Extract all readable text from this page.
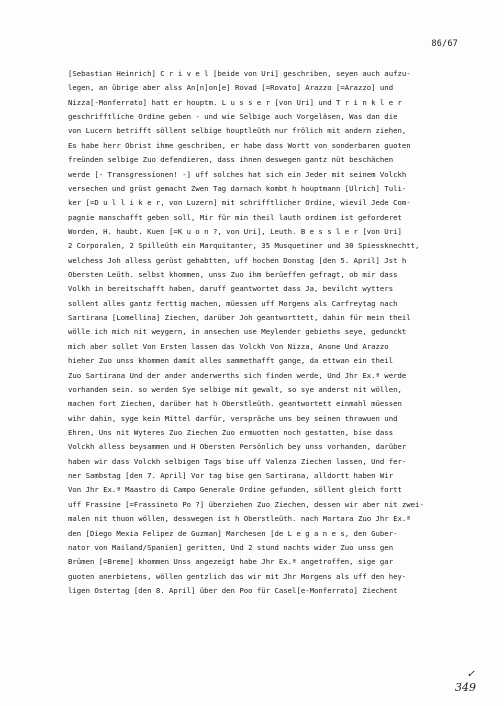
86/67
[Sebastian Heinrich] C r i v e l [beide von Uri] geschriben, seyen auch aufzu-
legen, an übrige aber alss An[n]on[e] Rovad [=Rovato] Arazzo [=Arazzo] und
Nizza[-Monferrato] hatt er houptm. L u s s e r [von Uri] und T r i n k l e r
geschrifftliche Ordine geben - und wie Selbige auch Vorgeläsen, Was dan die
von Lucern betrifft söllent selbige houptleüth nur frölich mit andern ziehen,
Es habe herr Obrist ihme geschriben, er habe dass Wortt von sonderbaren guoten
freünden selbige Zuo defendieren, dass ihnen deswegen gantz nüt beschächen
werde [- Transgressionen! -] uff solches hat sich ein Jeder mit seinem Volckh
versechen und grüst gemacht Zwen Tag darnach kombt h houptmann [Ulrich] Tuli-
ker [=D u l l i k e r, von Luzern] mit schrifftlicher Ordine, wievil Jede Com-
pagnie manschafft geben soll, Mir für min theil lauth ordinem ist geforderet
Worden, H. haubt. Kuen [=K u o n ?, von Uri], Leuth. B e s s l e r [von Uri]
2 Corporalen, 2 Spilleüth ein Marquitanter, 35 Musquetiner und 30 Spiessknechtt,
welchess Joh alless gerüst gehabtten, uff hochen Donstag [den 5. April] Jst h
Obersten Leüth. selbst khommen, unss Zuo ihm berüeffen gefragt, ob mir dass
Volkh in bereitschafft haben, daruff geantwortet dass Ja, bevilcht wytters
sollent alles gantz ferttig machen, müessen uff Morgens als Carfreytag nach
Sartirana [Lomellina] Ziechen, darüber Joh geantworttett, dahin für mein theil
wölle ich mich nit weygern, in ansechen use Meylender gebieths seye, gedunckt
mich aber sollet Von Ersten lassen das Volckh Von Nizza, Anone Und Arazzo
hieher Zuo unss khommen damit alles sammethafft gange, da ettwan ein theil
Zuo Sartirana Und der ander anderwerths sich finden werde, Und Jhr Ex.ª werde
vorhanden sein. so werden Sye selbige mit gewalt, so sye anderst nit wöllen,
machen fort Ziechen, darüber hat h Oberstleüth. geantwortett einmahl müessen
wihr dahin, syge kein Mittel darfür, verspräche uns bey seinen thrawuen und
Ehren, Uns nit Wyteres Zuo Ziechen Zuo ermuotten noch gestatten, bise dass
Volckh alless beysammen und H Obersten Persönlich bey unss vorhanden, darüber
haben wir dass Volckh selbigen Tags bise uff Valenza Ziechen lassen, Und fer-
ner Sambstag [den 7. April] Vor tag bise gen Sartirana, alldortt haben Wir
Von Jhr Ex.ª Maastro di Campo Generale Ordine gefunden, söllent gleich fortt
uff Frassine [=Frassineto Po ?] überziehen Zuo Ziechen, dessen wir aber nit zwei-
malen nit thuon wöllen, desswegen ist h Oberstleüth. nach Mortara Zuo Jhr Ex.ª
den [Diego Mexia Felipez de Guzman] Marchesen [de L e g a n e s, den Guber-
nator von Mailand/Spanien] geritten, Und 2 stund nachts wider Zuo unss gen
Brümen [=Breme] khommen Unss angezeigt habe Jhr Ex.ª angetroffen, sige gar
guoten anerbietens, wöllen gentzlich das wir mit Jhr Morgens als uff den hey-
ligen Ostertag [den 8. April] über den Poo für Casel[e-Monferrato] Ziechent
✓
349
